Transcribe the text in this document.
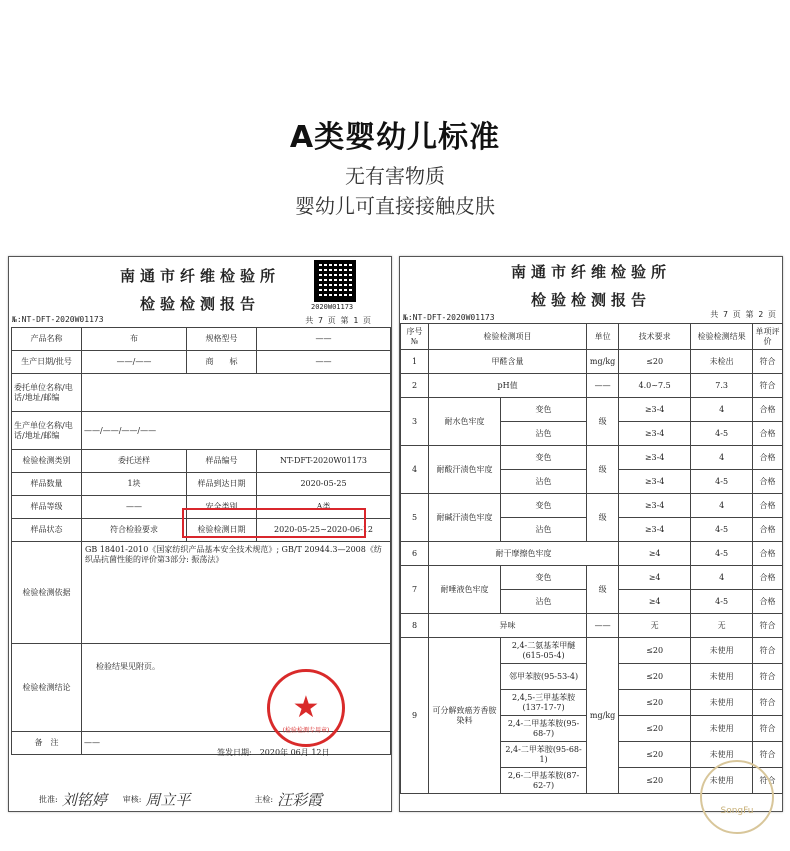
A类婴幼儿标准
无有害物质
婴幼儿可直接接触皮肤
南通市纤维检验所
检验检测报告	2020W01173
№:NT-DFT-2020W01173	共 7 页 第 1 页
产品名称	布	规格型号	——
生产日期/批号	——/——	商　　标	——
委托单位名称/电话/地址/邮编			
生产单位名称/电话/地址/邮编	——/——/——/——		
检验检测类别	委托送样	样品编号	NT-DFT-2020W01173
样品数量	1块	样品到达日期	2020-05-25
样品等级	——	安全类别	A类
样品状态	符合检验要求	检验检测日期	2020-05-25~2020-06-12
检验检测依据	GB 18401-2010《国家纺织产品基本安全技术规范》; GB/T 20944.3—2008《纺织品抗菌性能的评价第3部分: 振荡法》		
检验检测结论	检验结果见附页。		
备　注	——		
★
(检验检测专用章)
签发日期:　2020年 06月 12日
批准: 刘铭婷 审核: 周立平	主检: 汪彩霞
南通市纤维检验所
检验检测报告
№:NT-DFT-2020W01173	共 7 页 第 2 页
序号 №	检验检测项目		单位	技术要求	检验检测结果	单项评价
1	甲醛含量		mg/kg	≤20	未检出	符合
2	pH值		——	4.0~7.5	7.3	符合
3	耐水色牢度	变色	级	≥3-4	4	合格
		沾色		≥3-4	4-5	合格
4	耐酸汗渍色牢度	变色	级	≥3-4	4	合格
		沾色		≥3-4	4-5	合格
5	耐碱汗渍色牢度	变色	级	≥3-4	4	合格
		沾色		≥3-4	4-5	合格
6	耐干摩擦色牢度			≥4	4-5	合格
7	耐唾液色牢度	变色	级	≥4	4	合格
		沾色		≥4	4-5	合格
8	异味		——	无	无	符合
9	可分解致癌芳香胺染料	2,4-二氨基苯甲醚(615-05-4)	mg/kg	≤20	未使用	符合
		邻甲苯胺(95-53-4)		≤20	未使用	符合
		2,4,5-三甲基苯胺(137-17-7)		≤20	未使用	符合
		2,4-二甲基苯胺(95-68-7)		≤20	未使用	符合
		2,4-二甲苯胺(95-68-1)		≤20	未使用	符合
		2,6-二甲基苯胺(87-62-7)		≤20	未使用	符合
SongFu
